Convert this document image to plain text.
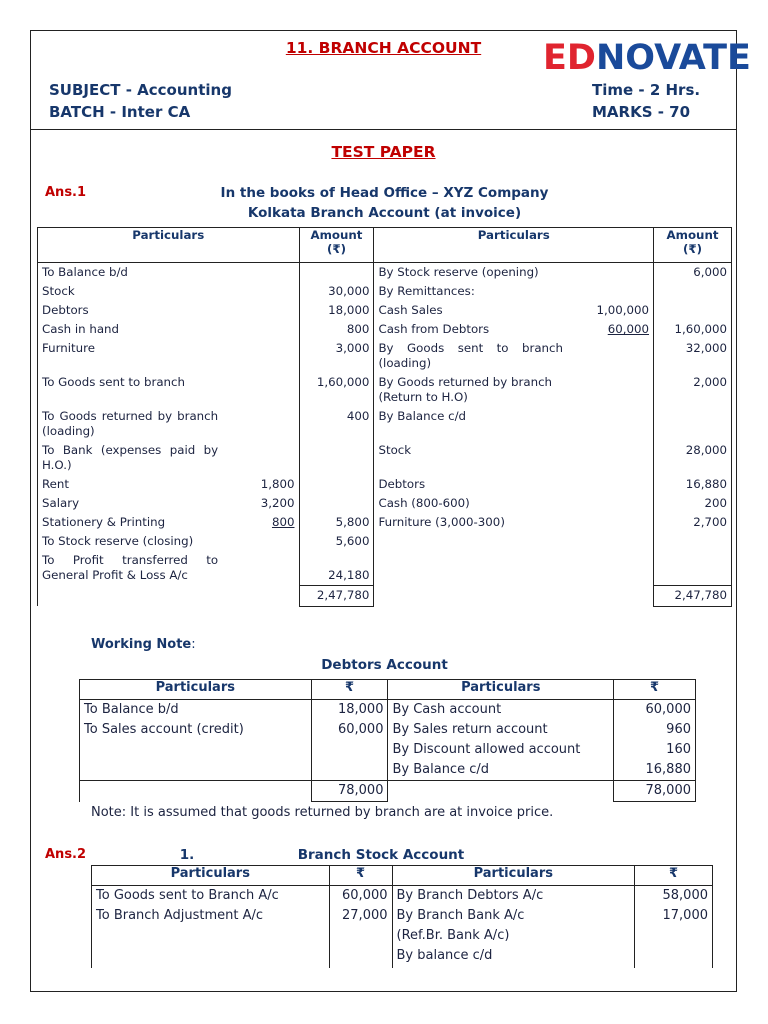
11. BRANCH ACCOUNT	EDNOVATE
SUBJECT - Accounting
BATCH - Inter CA
Time - 2 Hrs.
MARKS - 70
TEST PAPER
Ans.1	In the books of Head Office – XYZ Company
Kolkata Branch Account (at invoice)
Particulars		Amount (₹)	Particulars		Amount (₹)
To Balance b/d			By Stock reserve (opening)		6,000
Stock		30,000	By Remittances:		
Debtors		18,000	Cash Sales	1,00,000	
Cash in hand		800	Cash from Debtors	60,000	1,60,000
Furniture		3,000	By Goods sent to branch (loading)		32,000
To Goods sent to branch		1,60,000	By Goods returned by branch (Return to H.O)		2,000
To Goods returned by branch (loading)		400	By Balance c/d		
To Bank (expenses paid by H.O.)			Stock		28,000
Rent	1,800		Debtors		16,880
Salary	3,200		Cash (800-600)		200
Stationery & Printing	800	5,800	Furniture (3,000-300)		2,700
To Stock reserve (closing)		5,600			
To Profit transferred to General Profit & Loss A/c		24,180			
		2,47,780			2,47,780
Working Note:
Debtors Account
Particulars	₹	Particulars	₹
To Balance b/d	18,000	By Cash account	60,000
To Sales account (credit)	60,000	By Sales return account	960
		By Discount allowed account	160
		By Balance c/d	16,880
	78,000		78,000
Note: It is assumed that goods returned by branch are at invoice price.
Ans.2	1.	Branch Stock Account
Particulars	₹	Particulars	₹
To Goods sent to Branch A/c	60,000	By Branch Debtors A/c	58,000
To Branch Adjustment A/c	27,000	By Branch Bank A/c	17,000
		(Ref.Br. Bank A/c)	
		By balance c/d	
